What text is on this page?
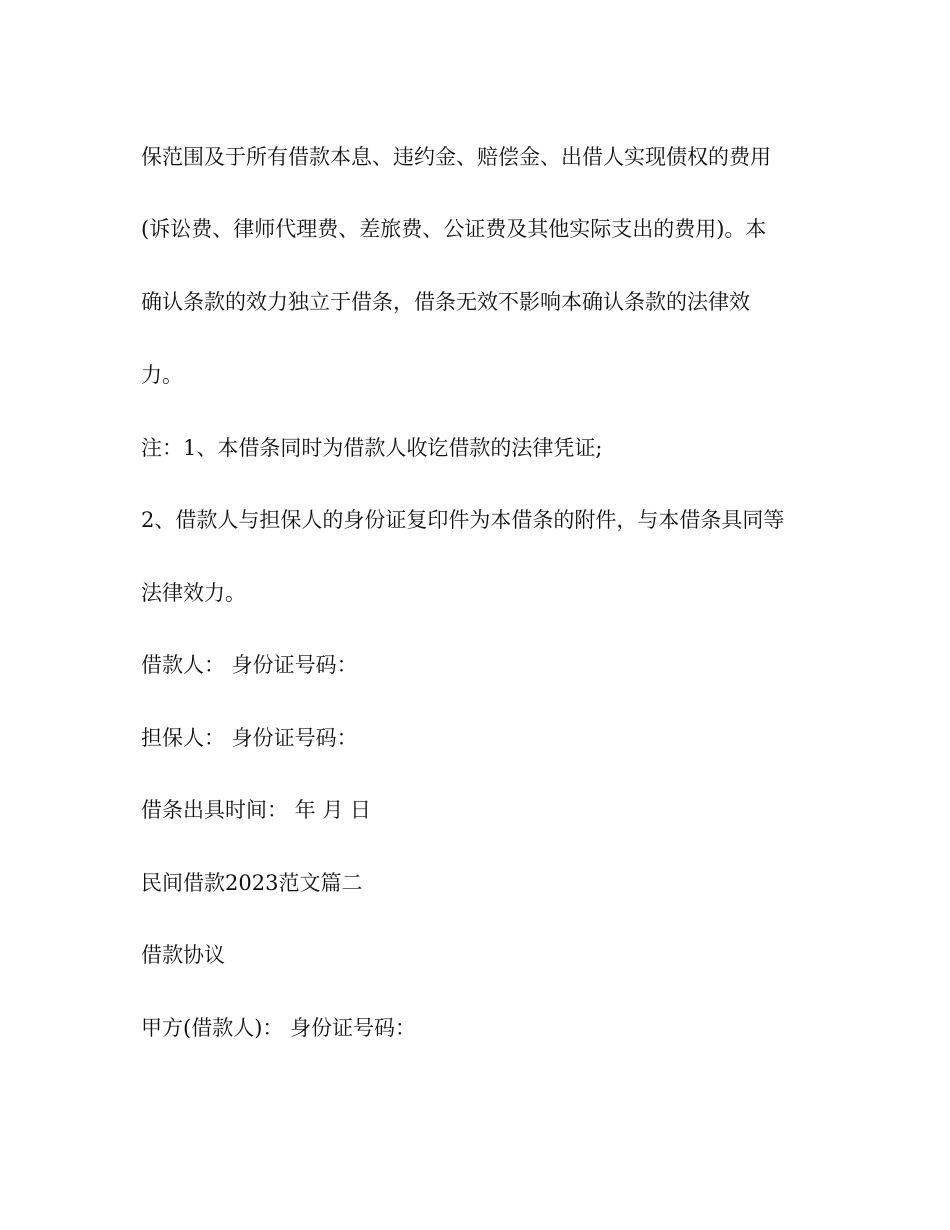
保范围及于所有借款本息、违约金、赔偿金、出借人实现债权的费用

(诉讼费、律师代理费、差旅费、公证费及其他实际支出的费用)。本

确认条款的效力独立于借条，借条无效不影响本确认条款的法律效

力。

注：1、本借条同时为借款人收讫借款的法律凭证;

2、借款人与担保人的身份证复印件为本借条的附件，与本借条具同等

法律效力。

借款人： 身份证号码：

担保人： 身份证号码：

借条出具时间： 年 月 日

民间借款2023范文篇二

借款协议

甲方(借款人)： 身份证号码：
